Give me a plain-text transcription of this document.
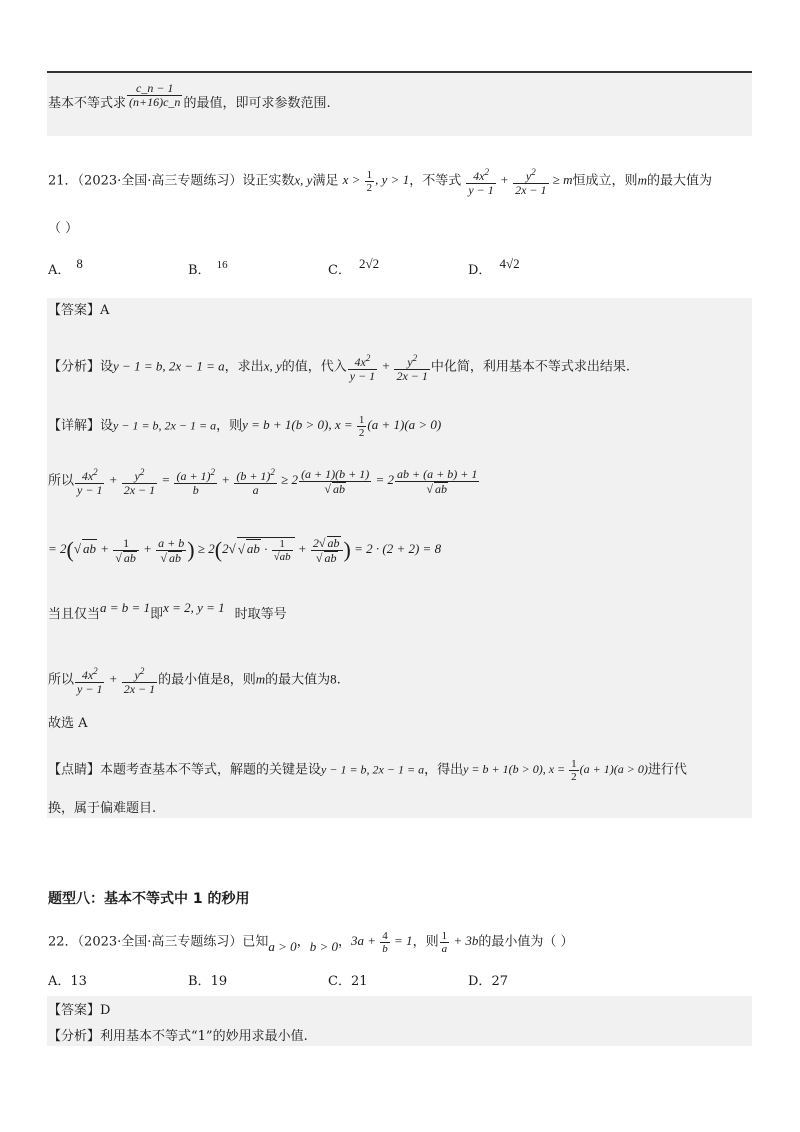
基本不等式求 $\frac{c\_n - 1}{(n+16)c\_n}$ 的最值，即可求参数范围.
21．（2023·全国·高三专题练习）设正实数x, y满足 $x > \frac{1}{2}$ , y > 1，不等式 $\frac{4x^2}{y - 1} + \frac{y^2}{2x - 1} \ge m$恒成立，则m的最大值为
（ ）
A． 8	B． $^{16}$	C． 2√2	D． 4√2
【答案】A
【分析】设y − 1 = b, 2x − 1 = a，求出x, y的值，代入 $\frac{4x^2}{y - 1} + \frac{y^2}{2x - 1}$ 中化简，利用基本不等式求出结果.
【详解】设y − 1 = b, 2x − 1 = a，则y = b + 1(b > 0), $x = \frac{1}{2} (a + 1)(a > 0)$
所以 $\frac{4x^2}{y - 1} + \frac{y^2}{2x - 1} = \frac{(a + 1)^2}{b} + \frac{(b + 1)^2}{a} \ge 2 \frac{(a + 1)(b + 1)}{√ ab} = 2 \frac{ab + (a + b) + 1}{√ ab}$
= 2(√ ab + $\frac{1}{√ ab} + \frac{a + b}{√ ab}$ ) ≥ 2(2√ √ ab · $\frac{1}{√ab} + \frac{2√ ab}{√ ab}$ ) = 2 · (2 + 2) = 8
当且仅当a = b = 1即x = 2, y = 1 时取等号
所以 $\frac{4x^2}{y - 1} + \frac{y^2}{2x - 1}$ 的最小值是8，则m的最大值为8.
故选 A
【点睛】本题考查基本不等式，解题的关键是设y − 1 = b, 2x − 1 = a，得出y = b + 1(b > 0), $x = \frac{1}{2} (a + 1)(a > 0)$进行代
换，属于偏难题目.
题型八：基本不等式中 1 的秒用
22．（2023·全国·高三专题练习）已知a > 0，b > 0，$3a + \frac{4}{b} = 1$，则 $\frac{1}{a} + 3b$的最小值为（ ）
A．13	B．19	C．21	D．27
【答案】D
【分析】利用基本不等式“1”的妙用求最小值.
